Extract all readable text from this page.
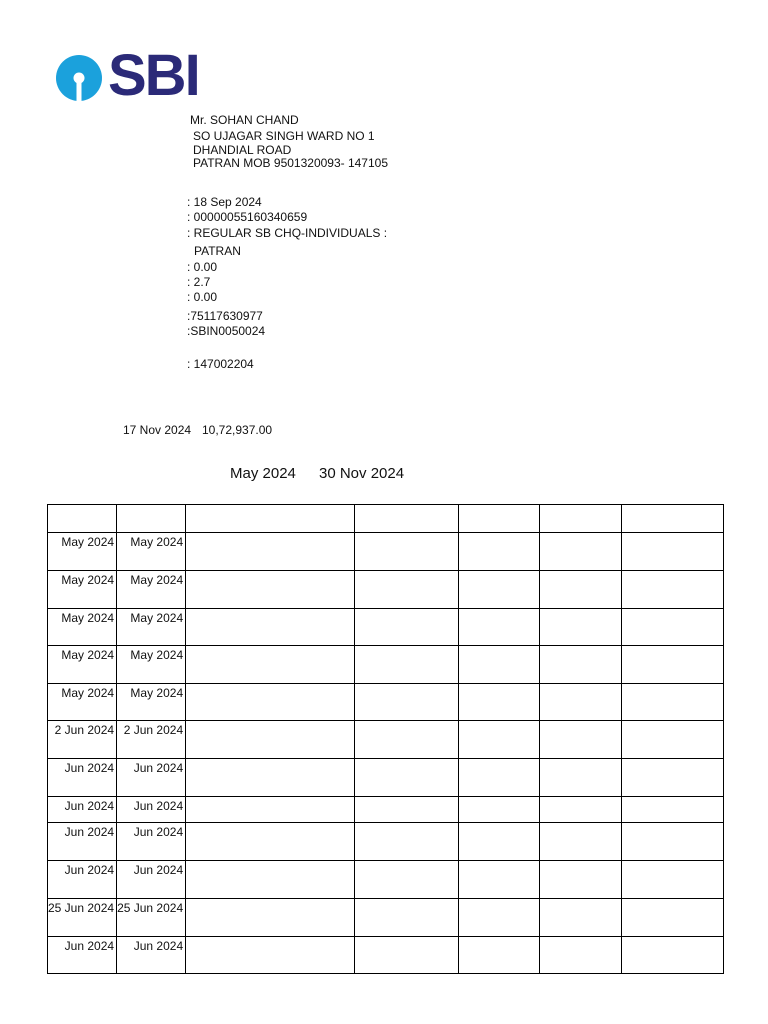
SBI
Mr. SOHAN CHAND
SO UJAGAR SINGH WARD NO 1
DHANDIAL ROAD
PATRAN MOB 9501320093- 147105
: 18 Sep 2024
: 00000055160340659
: REGULAR SB CHQ-INDIVIDUALS :
PATRAN
: 0.00
: 2.7
: 0.00
:75117630977
:SBIN0050024
: 147002204
17 Nov 2024 10,72,937.00
May 2024 30 Nov 2024

May 2024	May 2024					
May 2024	May 2024					
May 2024	May 2024					
May 2024	May 2024					
May 2024	May 2024					
2 Jun 2024	2 Jun 2024					
Jun 2024	Jun 2024					
Jun 2024	Jun 2024					
Jun 2024	Jun 2024					
Jun 2024	Jun 2024					
25 Jun 2024	25 Jun 2024					
Jun 2024	Jun 2024					
